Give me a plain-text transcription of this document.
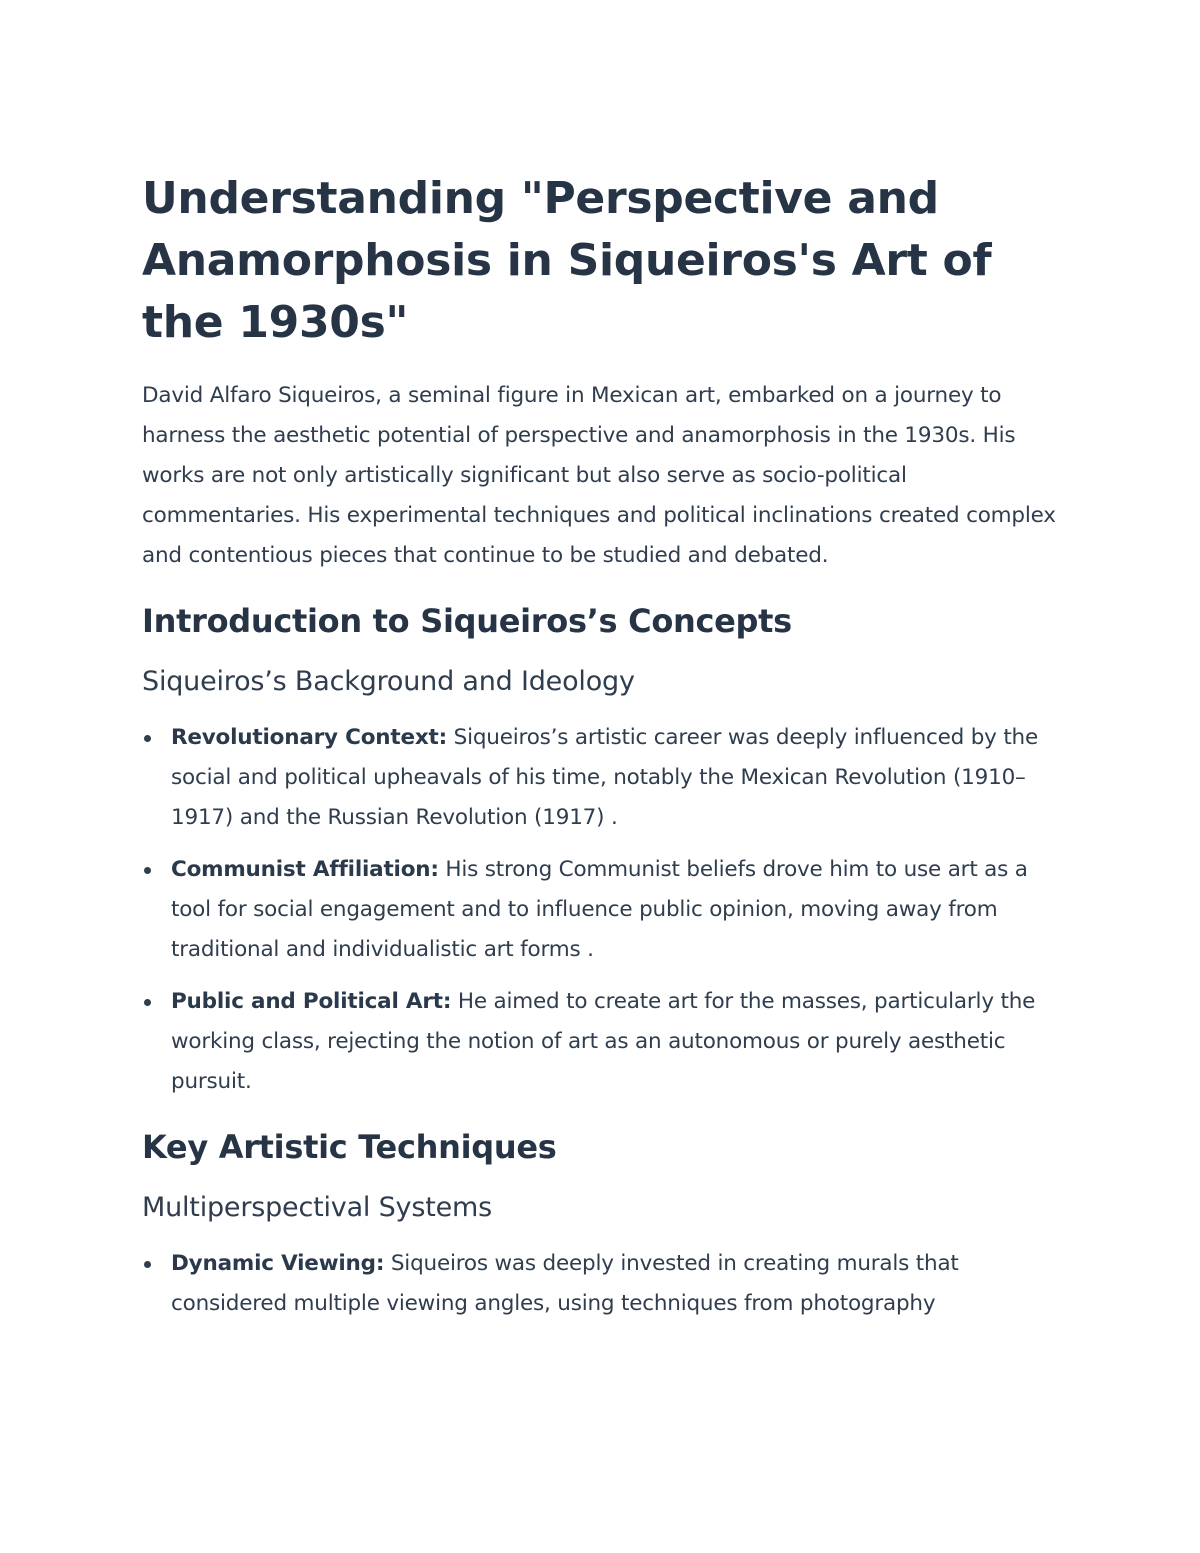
Understanding "Perspective and Anamorphosis in Siqueiros's Art of the 1930s"

David Alfaro Siqueiros, a seminal figure in Mexican art, embarked on a journey to harness the aesthetic potential of perspective and anamorphosis in the 1930s. His works are not only artistically significant but also serve as socio-political commentaries. His experimental techniques and political inclinations created complex and contentious pieces that continue to be studied and debated.

Introduction to Siqueiros’s Concepts
Siqueiros’s Background and Ideology
Revolutionary Context: Siqueiros’s artistic career was deeply influenced by the social and political upheavals of his time, notably the Mexican Revolution (1910–1917) and the Russian Revolution (1917) .
Communist Affiliation: His strong Communist beliefs drove him to use art as a tool for social engagement and to influence public opinion, moving away from traditional and individualistic art forms .
Public and Political Art: He aimed to create art for the masses, particularly the working class, rejecting the notion of art as an autonomous or purely aesthetic pursuit.
Key Artistic Techniques
Multiperspectival Systems
Dynamic Viewing: Siqueiros was deeply invested in creating murals that considered multiple viewing angles, using techniques from photography
